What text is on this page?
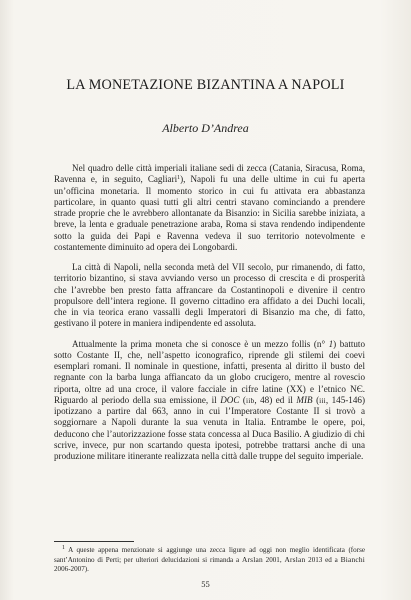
LA MONETAZIONE BIZANTINA A NAPOLI
Alberto D’Andrea

Nel quadro delle città imperiali italiane sedi di zecca (Catania, Siracusa, Roma, Ravenna e, in seguito, Cagliari$^1$), Napoli fu una delle ultime in cui fu aperta un’officina monetaria. Il momento storico in cui fu attivata era abbastanza particolare, in quanto quasi tutti gli altri centri stavano cominciando a prendere strade proprie che le avrebbero allontanate da Bisanzio: in Sicilia sarebbe iniziata, a breve, la lenta e graduale penetrazione araba, Roma si stava rendendo indipendente sotto la guida dei Papi e Ravenna vedeva il suo territorio notevolmente e costantemente diminuito ad opera dei Longobardi.

La città di Napoli, nella seconda metà del VII secolo, pur rimanendo, di fatto, territorio bizantino, si stava avviando verso un processo di crescita e di prosperità che l’avrebbe ben presto fatta affrancare da Costantinopoli e divenire il centro propulsore dell’intera regione. Il governo cittadino era affidato a dei Duchi locali, che in via teorica erano vassalli degli Imperatori di Bisanzio ma che, di fatto, gestivano il potere in maniera indipendente ed assoluta.

Attualmente la prima moneta che si conosce è un mezzo follis (n° 1) battuto sotto Costante II, che, nell’aspetto iconografico, riprende gli stilemi dei coevi esemplari romani. Il nominale in questione, infatti, presenta al diritto il busto del regnante con la barba lunga affiancato da un globo crucigero, mentre al rovescio riporta, oltre ad una croce, il valore facciale in cifre latine (XX) e l’etnico NЄ. Riguardo al periodo della sua emissione, il DOC (iib, 48) ed il MIB (iii, 145-146) ipotizzano a partire dal 663, anno in cui l’Imperatore Costante II si trovò a soggiornare a Napoli durante la sua venuta in Italia. Entrambe le opere, poi, deducono che l’autorizzazione fosse stata concessa al Duca Basilio. A giudizio di chi scrive, invece, pur non scartando questa ipotesi, potrebbe trattarsi anche di una produzione militare itinerante realizzata nella città dalle truppe del seguito imperiale.

$^1$ A queste appena menzionate si aggiunge una zecca ligure ad oggi non meglio identificata (forse sant’Antonino di Perti; per ulteriori delucidazioni si rimanda a Arslan 2001, Arslan 2013 ed a Bianchi 2006-2007).

55
